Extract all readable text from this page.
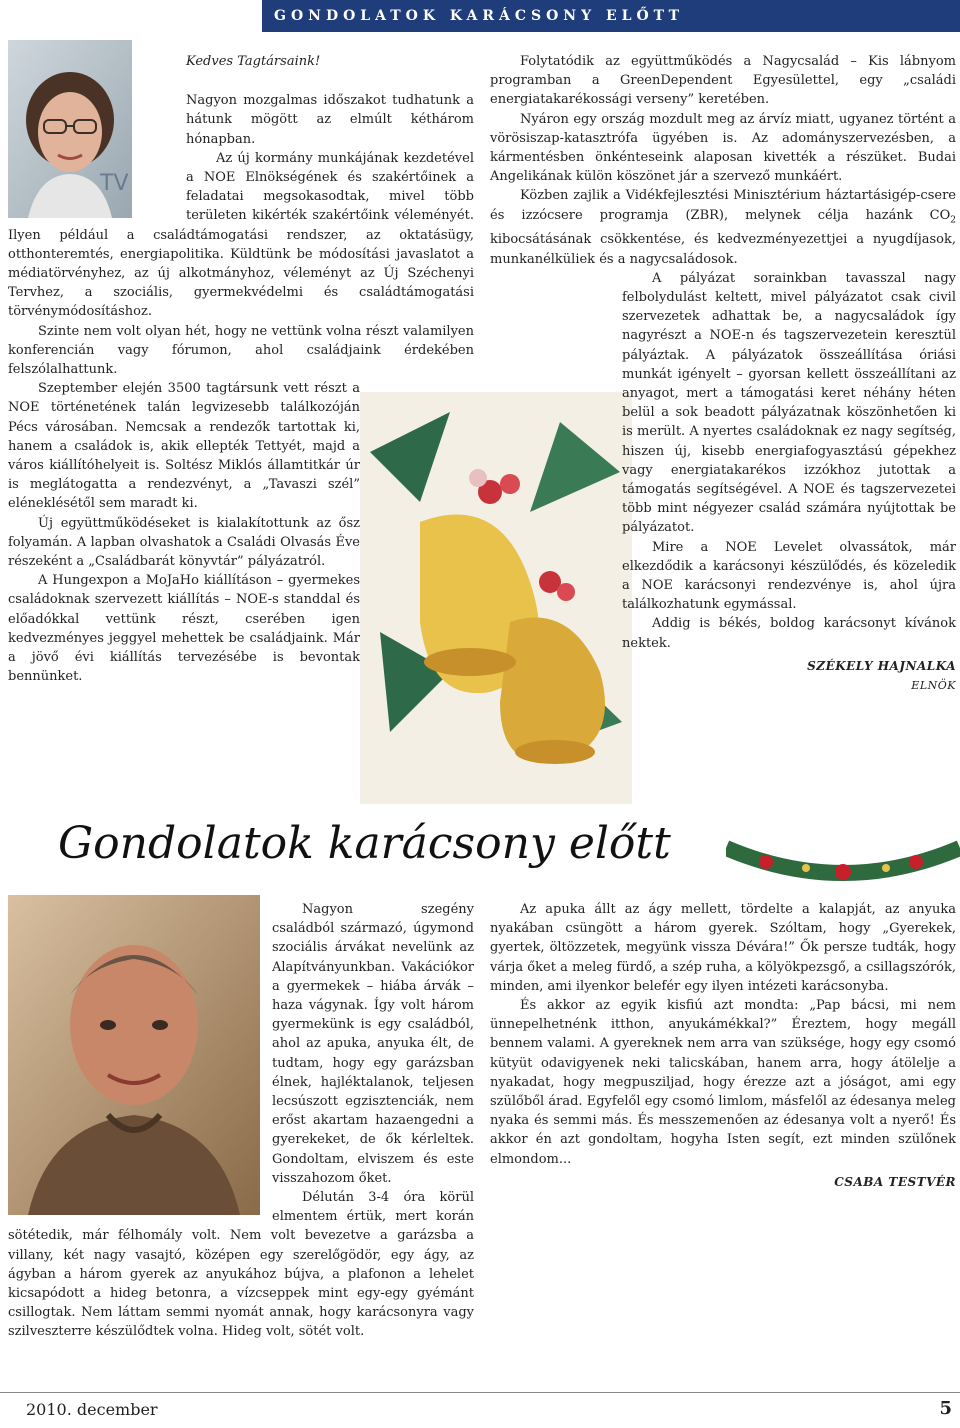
GONDOLATOK KARÁCSONY ELŐTT
TV

Kedves Tagtársaink!

Nagyon mozgalmas időszakot tudhatunk a hátunk mögött az elmúlt kéthárom hónapban.

Az új kormány munkájának kezdetével a NOE Elnökségének és szakértőinek a feladatai megsokasodtak, mivel több területen kikérték szakértőink véleményét. Ilyen például a családtámogatási rendszer, az oktatásügy, otthonteremtés, energiapolitika. Küldtünk be módosítási javaslatot a médiatörvényhez, az új alkotmányhoz, véleményt az Új Széchenyi Tervhez, a szociális, gyermekvédelmi és családtámogatási törvénymódosításhoz.

Szinte nem volt olyan hét, hogy ne vettünk volna részt valamilyen konferencián vagy fórumon, ahol családjaink érdekében felszólalhattunk.

Szeptember elején 3500 tagtársunk vett részt a NOE történetének talán legvizesebb találkozóján Pécs városában. Nemcsak a rendezők tartottak ki, hanem a családok is, akik ellepték Tettyét, majd a város kiállítóhelyeit is. Soltész Miklós államtitkár úr is meglátogatta a rendezvényt, a „Tavaszi szél” eléneklésétől sem maradt ki.

Új együttműködéseket is kialakítottunk az ősz folyamán. A lapban olvashatok a Családi Olvasás Éve részeként a „Családbarát könyvtár” pályázatról.

A Hungexpon a MoJaHo kiállításon – gyermekes családoknak szervezett kiállítás – NOE-s standdal és előadókkal vettünk részt, cserében igen kedvezményes jeggyel mehettek be családjaink. Már a jövő évi kiállítás tervezésébe is bevontak bennünket.

Folytatódik az együttműködés a Nagycsalád – Kis lábnyom programban a GreenDependent Egyesülettel, egy „családi energiatakarékossági verseny” keretében.

Nyáron egy ország mozdult meg az árvíz miatt, ugyanez történt a vörösiszap-katasztrófa ügyében is. Az adományszervezésben, a kármentésben önkénteseink alaposan kivették a részüket. Budai Angelikának külön köszönet jár a szervező munkáért.

Közben zajlik a Vidékfejlesztési Minisztérium háztartásigép-csere és izzócsere programja (ZBR), melynek célja hazánk $CO_2$ kibocsátásának csökkentése, és kedvezményezettjei a nyugdíjasok, munkanélküliek és a nagycsaládosok.

A pályázat sorainkban tavasszal nagy felbolydulást keltett, mivel pályázatot csak civil szervezetek adhattak be, a nagycsaládok így nagyrészt a NOE-n és tagszervezetein keresztül pályáztak. A pályázatok összeállítása óriási munkát igényelt – gyorsan kellett összeállítani az anyagot, mert a támogatási keret néhány héten belül a sok beadott pályázatnak köszönhetően ki is merült. A nyertes családoknak ez nagy segítség, hiszen új, kisebb energiafogyasztású gépekhez vagy energiatakarékos izzókhoz jutottak a támogatás segítségével. A NOE és tagszervezetei több mint négyezer család számára nyújtottak be pályázatot.

Mire a NOE Levelet olvassátok, már elkezdődik a karácsonyi készülődés, és közeledik a NOE karácsonyi rendezvénye is, ahol újra találkozhatunk egymással.

Addig is békés, boldog karácsonyt kívánok nektek.

SZÉKELY HAJNALKA
ELNÖK
Gondolatok karácsony előtt

Nagyon szegény családból származó, úgymond szociális árvákat nevelünk az Alapítványunkban. Vakációkor a gyermekek – hiába árvák – haza vágynak. Így volt három gyermekünk is egy családból, ahol az apuka, anyuka élt, de tudtam, hogy egy garázsban élnek, hajléktalanok, teljesen lecsúszott egzisztenciák, nem erőst akartam hazaengedni a gyerekeket, de ők kérleltek. Gondoltam, elviszem és este visszahozom őket.

Délután 3-4 óra körül elmentem értük, mert korán sötétedik, már félhomály volt. Nem volt bevezetve a garázsba a villany, két nagy vasajtó, középen egy szerelőgödör, egy ágy, az ágyban a három gyerek az anyukához bújva, a plafonon a lehelet kicsapódott a hideg betonra, a vízcseppek mint egy-egy gyémánt csillogtak. Nem láttam semmi nyomát annak, hogy karácsonyra vagy szilveszterre készülődtek volna. Hideg volt, sötét volt.

Az apuka állt az ágy mellett, tördelte a kalapját, az anyuka nyakában csüngött a három gyerek. Szóltam, hogy „Gyerekek, gyertek, öltözzetek, megyünk vissza Dévára!” Ők persze tudták, hogy várja őket a meleg fürdő, a szép ruha, a kölyökpezsgő, a csillagszórók, minden, ami ilyenkor belefér egy ilyen intézeti karácsonyba.

És akkor az egyik kisfiú azt mondta: „Pap bácsi, mi nem ünnepelhetnénk itthon, anyukámékkal?” Éreztem, hogy megáll bennem valami. A gyereknek nem arra van szüksége, hogy egy csomó kütyüt odavigyenek neki talicskában, hanem arra, hogy átölelje a nyakadat, hogy megpusziljad, hogy érezze azt a jóságot, ami egy szülőből árad. Egyfelől egy csomó limlom, másfelől az édesanya meleg nyaka és semmi más. És messzemenően az édesanya volt a nyerő! És akkor én azt gondoltam, hogyha Isten segít, ezt minden szülőnek elmondom...

CSABA TESTVÉR
2010. december	5
